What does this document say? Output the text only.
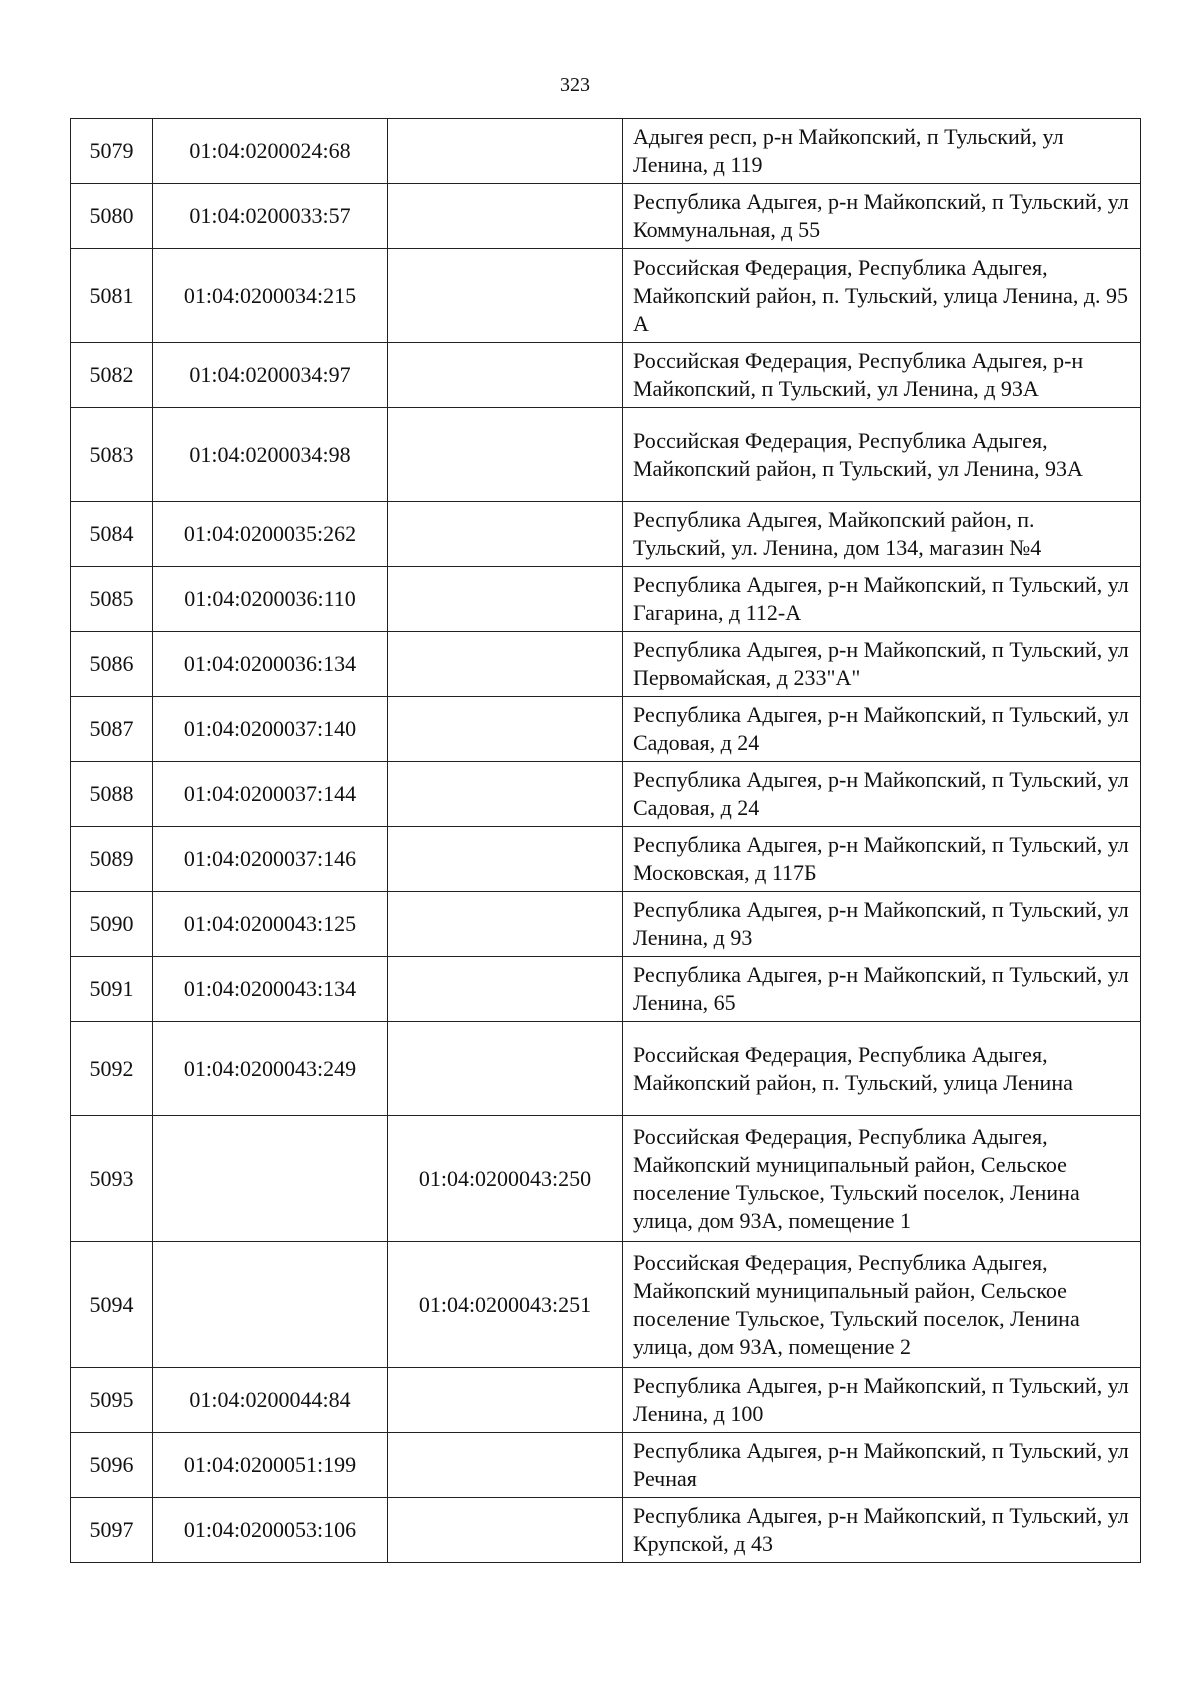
323
5079	01:04:0200024:68		Адыгея респ, р-н Майкопский, п Тульский, ул Ленина, д 119
5080	01:04:0200033:57		Республика Адыгея, р-н Майкопский, п Тульский, ул Коммунальная, д 55
5081	01:04:0200034:215		Российская Федерация, Республика Адыгея, Майкопский район, п. Тульский, улица Ленина, д. 95 А
5082	01:04:0200034:97		Российская Федерация, Республика Адыгея, р-н Майкопский, п Тульский, ул Ленина, д 93А
5083	01:04:0200034:98		Российская Федерация, Республика Адыгея, Майкопский район, п Тульский, ул Ленина, 93А
5084	01:04:0200035:262		Республика Адыгея, Майкопский район, п. Тульский, ул. Ленина, дом 134, магазин №4
5085	01:04:0200036:110		Республика Адыгея, р-н Майкопский, п Тульский, ул Гагарина, д 112-А
5086	01:04:0200036:134		Республика Адыгея, р-н Майкопский, п Тульский, ул Первомайская, д 233"А"
5087	01:04:0200037:140		Республика Адыгея, р-н Майкопский, п Тульский, ул Садовая, д 24
5088	01:04:0200037:144		Республика Адыгея, р-н Майкопский, п Тульский, ул Садовая, д 24
5089	01:04:0200037:146		Республика Адыгея, р-н Майкопский, п Тульский, ул Московская, д 117Б
5090	01:04:0200043:125		Республика Адыгея, р-н Майкопский, п Тульский, ул Ленина, д 93
5091	01:04:0200043:134		Республика Адыгея, р-н Майкопский, п Тульский, ул Ленина, 65
5092	01:04:0200043:249		Российская Федерация, Республика Адыгея, Майкопский район, п. Тульский, улица Ленина
5093		01:04:0200043:250	Российская Федерация, Республика Адыгея, Майкопский муниципальный район, Сельское поселение Тульское, Тульский поселок, Ленина улица, дом 93А, помещение 1
5094		01:04:0200043:251	Российская Федерация, Республика Адыгея, Майкопский муниципальный район, Сельское поселение Тульское, Тульский поселок, Ленина улица, дом 93А, помещение 2
5095	01:04:0200044:84		Республика Адыгея, р-н Майкопский, п Тульский, ул Ленина, д 100
5096	01:04:0200051:199		Республика Адыгея, р-н Майкопский, п Тульский, ул Речная
5097	01:04:0200053:106		Республика Адыгея, р-н Майкопский, п Тульский, ул Крупской, д 43
